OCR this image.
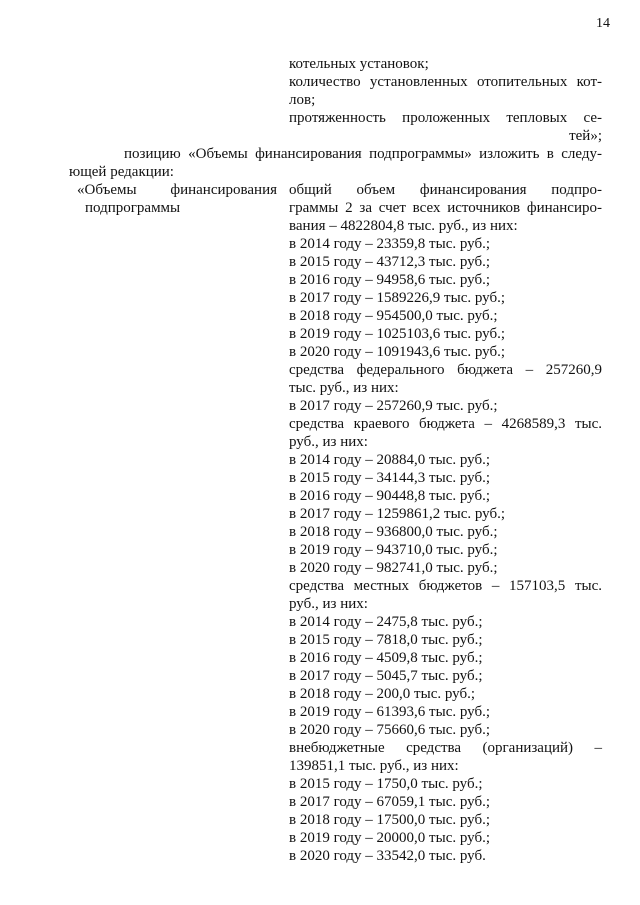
14
котельных установок;
количество установленных отопительных кот-
лов;
протяженность проложенных тепловых се-
тей»;
позицию «Объемы финансирования подпрограммы» изложить в следу-
ющей редакции:
«Объемы финансирования
подпрограммы
общий объем финансирования подпро-
граммы 2 за счет всех источников финансиро-
вания – 4822804,8 тыс. руб., из них:
в 2014 году – 23359,8 тыс. руб.;
в 2015 году – 43712,3 тыс. руб.;
в 2016 году – 94958,6 тыс. руб.;
в 2017 году – 1589226,9 тыс. руб.;
в 2018 году – 954500,0 тыс. руб.;
в 2019 году – 1025103,6 тыс. руб.;
в 2020 году – 1091943,6 тыс. руб.;
средства федерального бюджета – 257260,9
тыс. руб., из них:
в 2017 году – 257260,9 тыс. руб.;
средства краевого бюджета – 4268589,3 тыс.
руб., из них:
в 2014 году – 20884,0 тыс. руб.;
в 2015 году – 34144,3 тыс. руб.;
в 2016 году – 90448,8 тыс. руб.;
в 2017 году – 1259861,2 тыс. руб.;
в 2018 году – 936800,0 тыс. руб.;
в 2019 году – 943710,0 тыс. руб.;
в 2020 году – 982741,0 тыс. руб.;
средства местных бюджетов – 157103,5 тыс.
руб., из них:
в 2014 году – 2475,8 тыс. руб.;
в 2015 году – 7818,0 тыс. руб.;
в 2016 году – 4509,8 тыс. руб.;
в 2017 году – 5045,7 тыс. руб.;
в 2018 году – 200,0 тыс. руб.;
в 2019 году – 61393,6 тыс. руб.;
в 2020 году – 75660,6 тыс. руб.;
внебюджетные средства (организаций) –
139851,1 тыс. руб., из них:
в 2015 году – 1750,0 тыс. руб.;
в 2017 году – 67059,1 тыс. руб.;
в 2018 году – 17500,0 тыс. руб.;
в 2019 году – 20000,0 тыс. руб.;
в 2020 году – 33542,0 тыс. руб.
